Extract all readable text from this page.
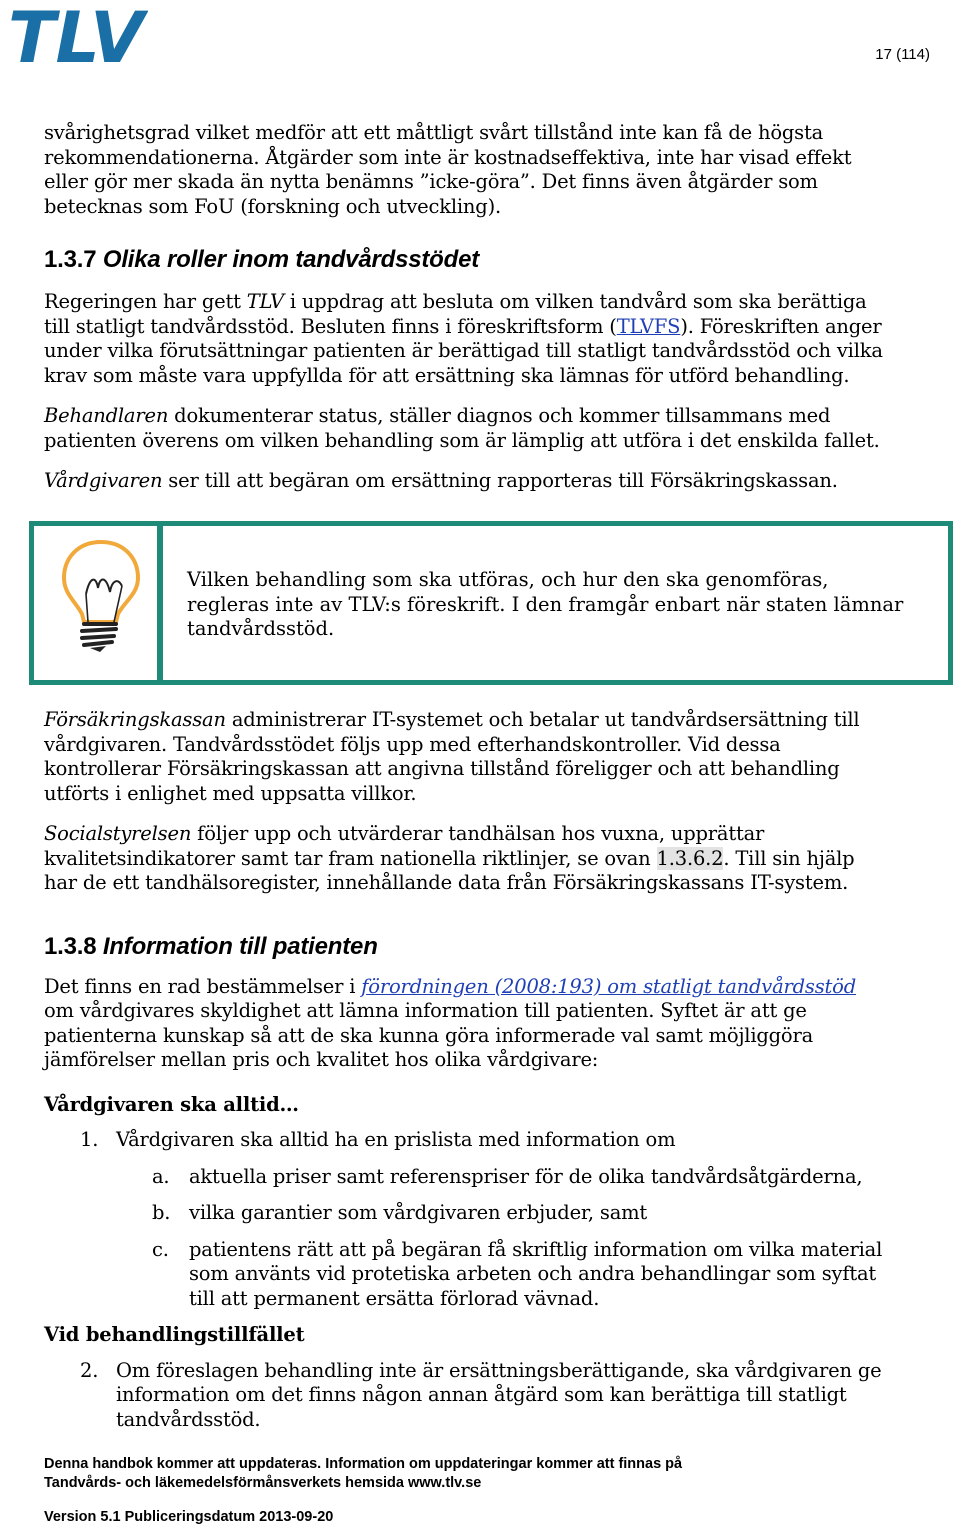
TLV	17 (114)

svårighetsgrad vilket medför att ett måttligt svårt tillstånd inte kan få de högsta rekommendationerna. Åtgärder som inte är kostnadseffektiva, inte har visad effekt eller gör mer skada än nytta benämns ”icke-göra”. Det finns även åtgärder som betecknas som FoU (forskning och utveckling).

1.3.7 Olika roller inom tandvårdsstödet

Regeringen har gett TLV i uppdrag att besluta om vilken tandvård som ska berättiga till statligt tandvårdsstöd. Besluten finns i föreskriftsform (TLVFS). Föreskriften anger under vilka förutsättningar patienten är berättigad till statligt tandvårdsstöd och vilka krav som måste vara uppfyllda för att ersättning ska lämnas för utförd behandling.

Behandlaren dokumenterar status, ställer diagnos och kommer tillsammans med patienten överens om vilken behandling som är lämplig att utföra i det enskilda fallet.

Vårdgivaren ser till att begäran om ersättning rapporteras till Försäkringskassan.

Vilken behandling som ska utföras, och hur den ska genomföras, regleras inte av TLV:s föreskrift. I den framgår enbart när staten lämnar tandvårdsstöd.

Försäkringskassan administrerar IT-systemet och betalar ut tandvårdsersättning till vårdgivaren. Tandvårdsstödet följs upp med efterhandskontroller. Vid dessa kontrollerar Försäkringskassan att angivna tillstånd föreligger och att behandling utförts i enlighet med uppsatta villkor.

Socialstyrelsen följer upp och utvärderar tandhälsan hos vuxna, upprättar kvalitetsindikatorer samt tar fram nationella riktlinjer, se ovan 1.3.6.2. Till sin hjälp har de ett tandhälsoregister, innehållande data från Försäkringskassans IT-system.

1.3.8 Information till patienten

Det finns en rad bestämmelser i förordningen (2008:193) om statligt tandvårdsstöd om vårdgivares skyldighet att lämna information till patienten. Syftet är att ge patienterna kunskap så att de ska kunna göra informerade val samt möjliggöra jämförelser mellan pris och kvalitet hos olika vårdgivare:

Vårdgivaren ska alltid…

1. Vårdgivaren ska alltid ha en prislista med information om
a. aktuella priser samt referenspriser för de olika tandvårdsåtgärderna,
b. vilka garantier som vårdgivaren erbjuder, samt
c. patientens rätt att på begäran få skriftlig information om vilka material som använts vid protetiska arbeten och andra behandlingar som syftat till att permanent ersätta förlorad vävnad.

Vid behandlingstillfället

2. Om föreslagen behandling inte är ersättningsberättigande, ska vårdgivaren ge information om det finns någon annan åtgärd som kan berättiga till statligt tandvårdsstöd.
Denna handbok kommer att uppdateras. Information om uppdateringar kommer att finnas på
Tandvårds- och läkemedelsförmånsverkets hemsida www.tlv.se
Version 5.1 Publiceringsdatum 2013-09-20
